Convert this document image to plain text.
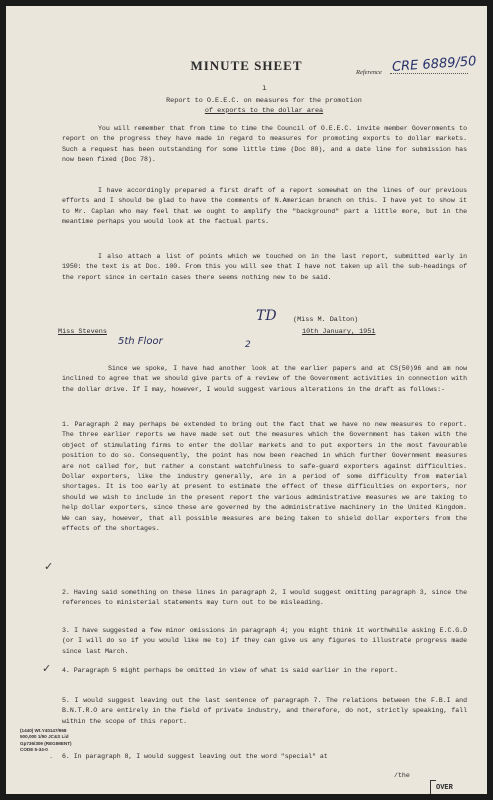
MINUTE SHEET	Reference CRE 6889/50
ı
Report to O.E.E.C. on measures for the promotion
of exports to the dollar area
You will remember that from time to time the Council of O.E.E.C. invite member Governments to report on the progress they have made in regard to measures for promoting exports to dollar markets. Such a request has been outstanding for some little time (Doc 80), and a date line for submission has now been fixed (Doc 78).
I have accordingly prepared a first draft of a report somewhat on the lines of our previous efforts and I should be glad to have the comments of N.American branch on this. I have yet to show it to Mr. Caplan who may feel that we ought to amplify the "background" part a little more, but in the meantime perhaps you would look at the factual parts.
I also attach a list of points which we touched on in the last report, submitted early in 1950: the text is at Doc. 100. From this you will see that I have not taken up all the sub-headings of the report since in certain cases there seems nothing new to be said.
TD (Miss M. Dalton)
Miss Stevens	10th January, 1951
5th Floor	2
Since we spoke, I have had another look at the earlier papers and at CS(50)96 and am now inclined to agree that we should give parts of a review of the Government activities in connection with the dollar drive. If I may, however, I would suggest various alterations in the draft as follows:-
1. Paragraph 2 may perhaps be extended to bring out the fact that we have no new measures to report. The three earlier reports we have made set out the measures which the Government has taken with the object of stimulating firms to enter the dollar markets and to put exporters in the most favourable position to do so. Consequently, the point has now been reached in which further Government measures are not called for, but rather a constant watchfulness to safe-guard exporters against difficulties. Dollar exporters, like the industry generally, are in a period of some difficulty from material shortages. It is too early at present to estimate the effect of these difficulties on exporters, nor should we wish to include in the present report the various administrative measures we are taking to help dollar exporters, since these are governed by the administrative machinery in the United Kingdom. We can say, however, that all possible measures are being taken to shield dollar exporters from the effects of the shortages.
2. Having said something on these lines in paragraph 2, I would suggest omitting paragraph 3, since the references to ministerial statements may turn out to be misleading.
3. I have suggested a few minor omissions in paragraph 4; you might think it worthwhile asking E.C.G.D (or I will do so if you would like me to) if they can give us any figures to illustrate progress made since last March.
4. Paragraph 5 might perhaps be omitted in view of what is said earlier in the report.
5. I would suggest leaving out the last sentence of paragraph 7. The relations between the F.B.I and B.N.T.R.O are entirely in the field of private industry, and therefore, do not, strictly speaking, fall within the scope of this report.
6. In paragraph 8, I would suggest leaving out the word "special" at
✓
✓
·
(1440) Wt.Y40147/968 500,000 1/50 JC&S Lid Gp736/309 (REGIMENT) CODE 5-34-0
/the
OVER
